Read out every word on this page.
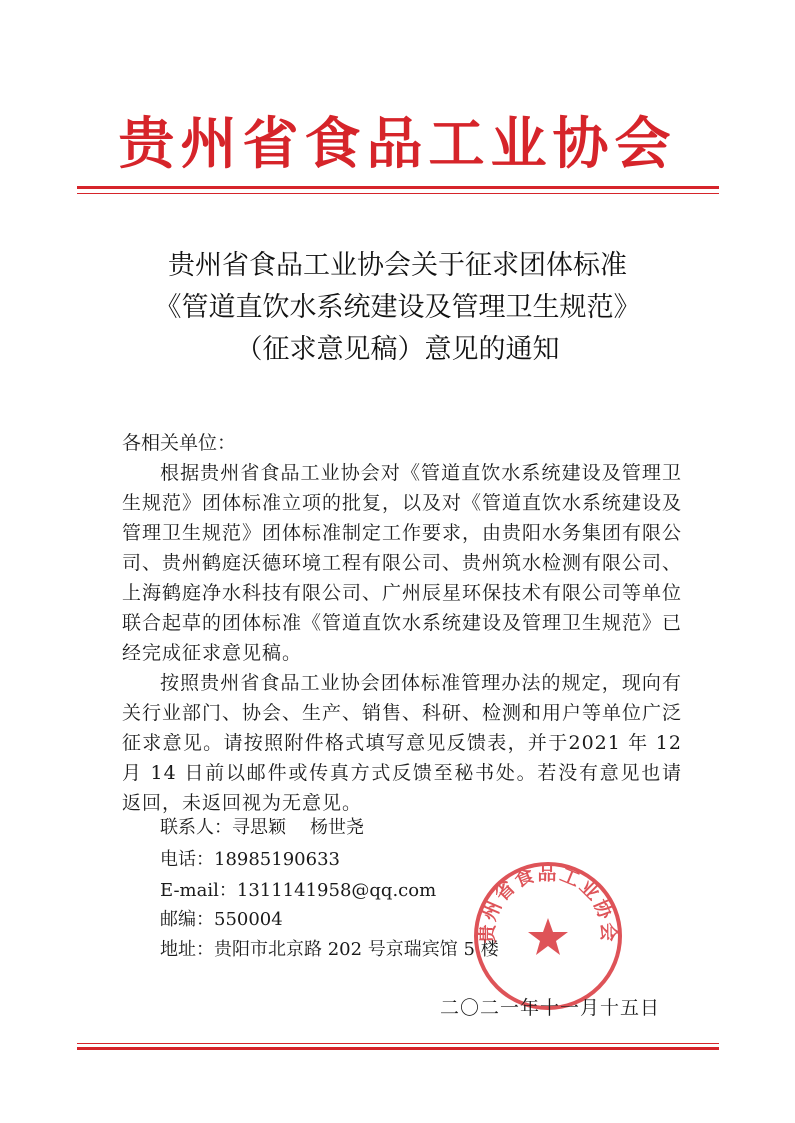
贵州省食品工业协会
贵州省食品工业协会关于征求团体标准
《管道直饮水系统建设及管理卫生规范》
（征求意见稿）意见的通知
各相关单位：
根据贵州省食品工业协会对《管道直饮水系统建设及管理卫生规范》团体标准立项的批复，以及对《管道直饮水系统建设及管理卫生规范》团体标准制定工作要求，由贵阳水务集团有限公司、贵州鹤庭沃德环境工程有限公司、贵州筑水检测有限公司、上海鹤庭净水科技有限公司、广州辰星环保技术有限公司等单位联合起草的团体标准《管道直饮水系统建设及管理卫生规范》已经完成征求意见稿。
按照贵州省食品工业协会团体标准管理办法的规定，现向有关行业部门、协会、生产、销售、科研、检测和用户等单位广泛征求意见。请按照附件格式填写意见反馈表，并于2021 年 12 月 14 日前以邮件或传真方式反馈至秘书处。若没有意见也请返回，未返回视为无意见。
联系人：寻思颖 杨世尧
电话：18985190633
E-mail：1311141958@qq.com
邮编：550004
地址：贵阳市北京路 202 号京瑞宾馆 5 楼
贵州省食品工业协会
二〇二一年十一月十五日
